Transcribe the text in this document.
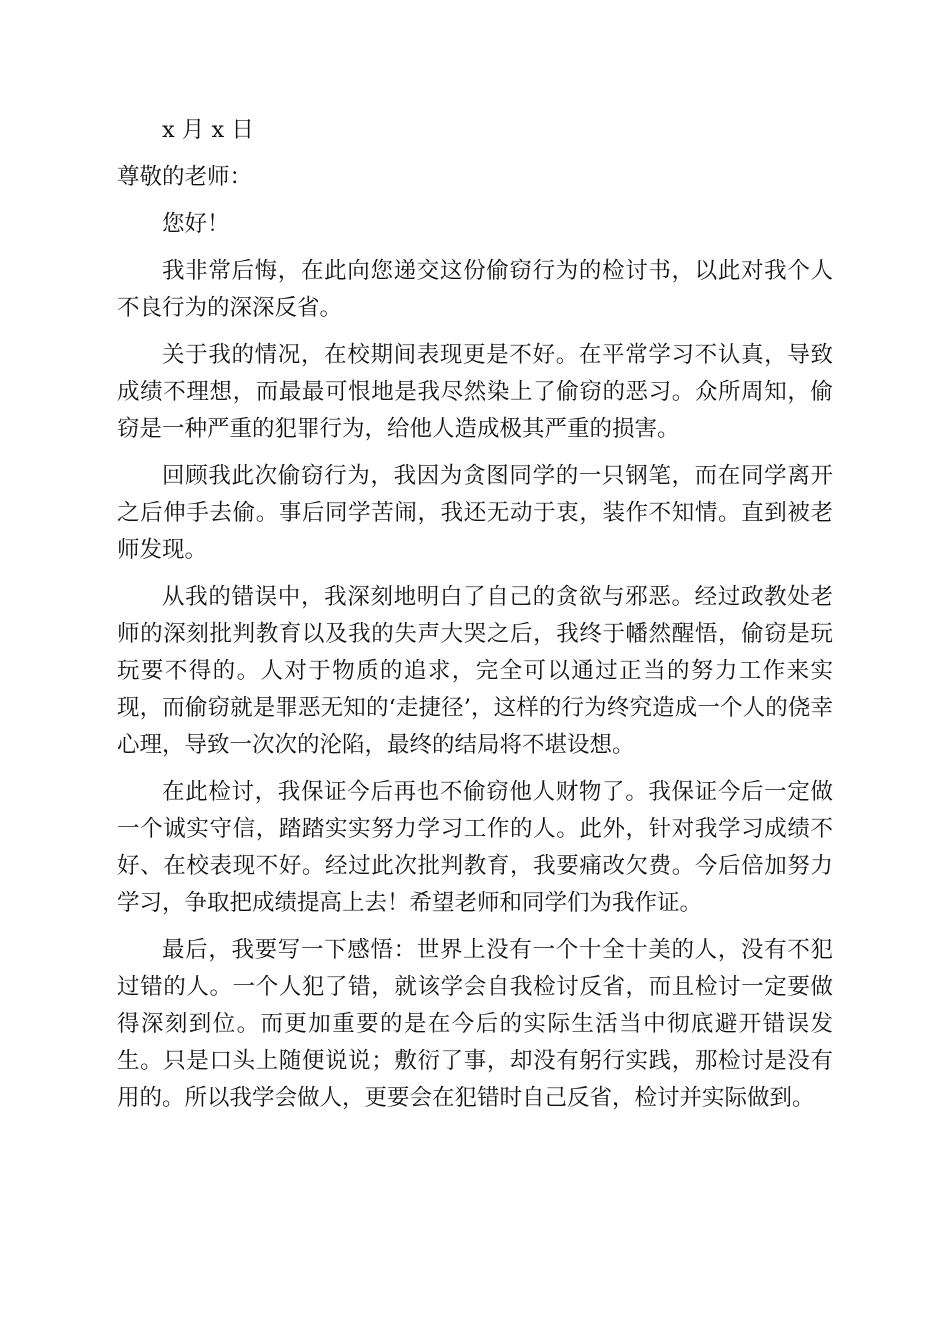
x 月 x 日

尊敬的老师：

您好！

我非常后悔，在此向您递交这份偷窃行为的检讨书，以此对我个人不良行为的深深反省。

关于我的情况，在校期间表现更是不好。在平常学习不认真，导致成绩不理想，而最最可恨地是我尽然染上了偷窃的恶习。众所周知，偷窃是一种严重的犯罪行为，给他人造成极其严重的损害。

回顾我此次偷窃行为，我因为贪图同学的一只钢笔，而在同学离开之后伸手去偷。事后同学苦闹，我还无动于衷，装作不知情。直到被老师发现。

从我的错误中，我深刻地明白了自己的贪欲与邪恶。经过政教处老师的深刻批判教育以及我的失声大哭之后，我终于幡然醒悟，偷窃是玩玩要不得的。人对于物质的追求，完全可以通过正当的努力工作来实现，而偷窃就是罪恶无知的‘走捷径’，这样的行为终究造成一个人的侥幸心理，导致一次次的沦陷，最终的结局将不堪设想。

在此检讨，我保证今后再也不偷窃他人财物了。我保证今后一定做一个诚实守信，踏踏实实努力学习工作的人。此外，针对我学习成绩不好、在校表现不好。经过此次批判教育，我要痛改欠费。今后倍加努力学习，争取把成绩提高上去！希望老师和同学们为我作证。

最后，我要写一下感悟：世界上没有一个十全十美的人，没有不犯过错的人。一个人犯了错，就该学会自我检讨反省，而且检讨一定要做得深刻到位。而更加重要的是在今后的实际生活当中彻底避开错误发生。只是口头上随便说说；敷衍了事，却没有躬行实践，那检讨是没有用的。所以我学会做人，更要会在犯错时自己反省，检讨并实际做到。
